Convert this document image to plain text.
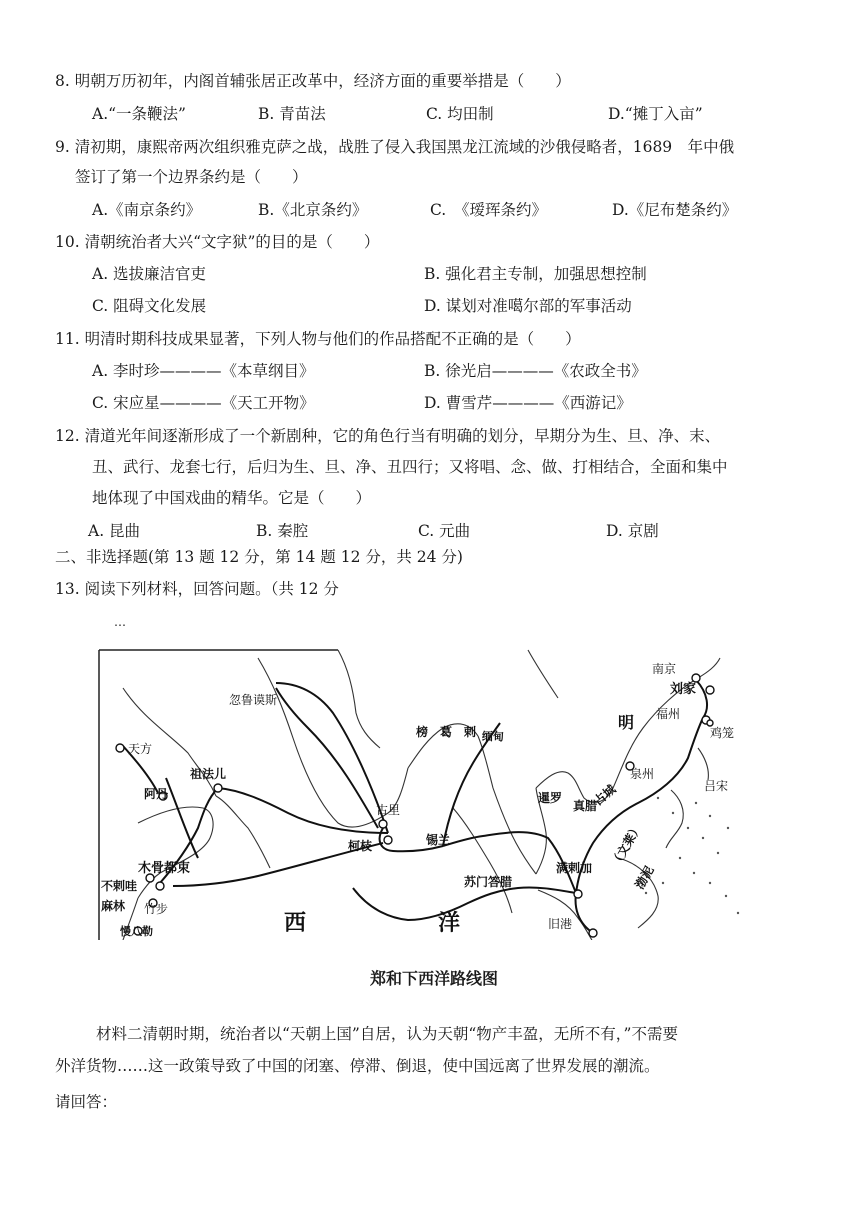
8. 明朝万历初年，内阁首辅张居正改革中，经济方面的重要举措是（　　）
A.“一条鞭法”	B. 青苗法	C. 均田制	D.“摊丁入亩”
9. 清初期，康熙帝两次组织雅克萨之战，战胜了侵入我国黑龙江流域的沙俄侵略者，1689　年中俄
签订了第一个边界条约是（　　）
A.《南京条约》	B.《北京条约》	C.　《瑷珲条约》	D.《尼布楚条约》
10. 清朝统治者大兴“文字狱”的目的是（　　）
A. 选拔廉洁官吏	B. 强化君主专制，加强思想控制
C. 阻碍文化发展	D. 谋划对准噶尔部的军事活动
11. 明清时期科技成果显著，下列人物与他们的作品搭配不正确的是（　　）
A. 李时珍————《本草纲目》	B. 徐光启————《农政全书》
C. 宋应星————《天工开物》	D. 曹雪芹————《西游记》
12. 清道光年间逐渐形成了一个新剧种，它的角色行当有明确的划分，早期分为生、旦、净、末、
丑、武行、龙套七行，后归为生、旦、净、丑四行；又将唱、念、做、打相结合，全面和集中
地体现了中国戏曲的精华。它是（　　）
A. 昆曲	B. 秦腔	C. 元曲	D. 京剧
二、非选择题(第 13 题 12 分，第 14 题 12 分，共 24 分)
13. 阅读下列材料，回答问题。（共 12 分
…
南京
刘家
明 福州
鸡笼
泉州
吕宋
榜　葛　剌 缅甸
暹罗 占城
真腊
忽鲁谟斯
天方
祖法儿
阿丹
古里
柯枝	锡兰
木骨都束
不剌哇
麻林 竹步
慢八勒
苏门答腊
满剌加
旧港
（文莱）
渤泥
西	洋
郑和下西洋路线图
材料二清朝时期，统治者以“天朝上国”自居，认为天朝“物产丰盈，无所不有，”不需要
外洋货物……这一政策导致了中国的闭塞、停滞、倒退，使中国远离了世界发展的潮流。
请回答：
